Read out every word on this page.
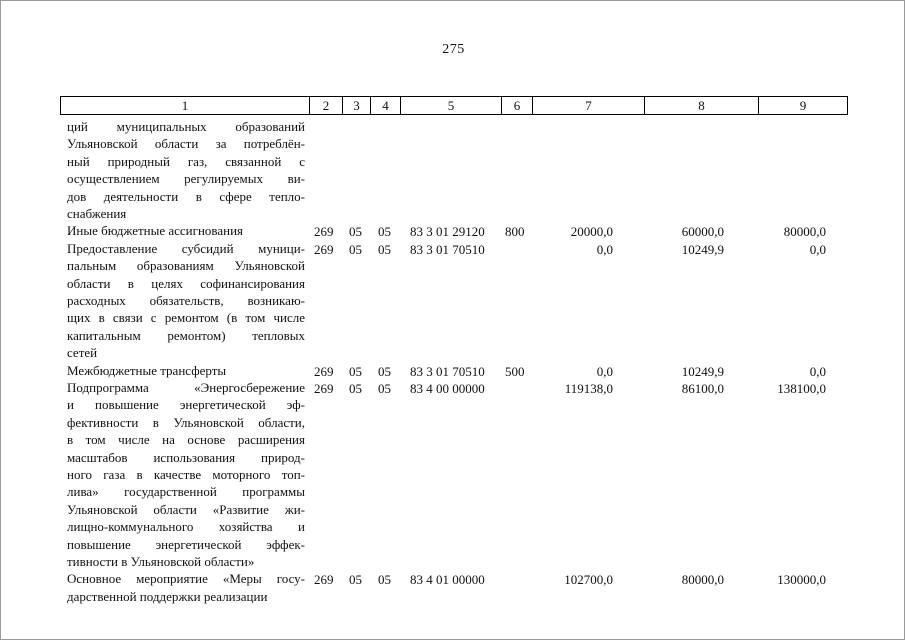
275
1	2	3	4	5	6	7	8	9
ций муниципальных образований
Ульяновской области за потреблён-
ный природный газ, связанной с
осуществлением регулируемых ви-
дов деятельности в сфере тепло-
снабжения
Иные бюджетные ассигнования	269 05 05 83 3 01 29120 800	20000,0	60000,0	80000,0
Предоставление субсидий муници-
пальным образованиям Ульяновской
области в целях софинансирования
расходных обязательств, возникаю-
щих в связи с ремонтом (в том числе
капитальным ремонтом) тепловых
сетей
269 05 05 83 3 01 70510	0,0	10249,9	0,0
Межбюджетные трансферты	269 05 05 83 3 01 70510 500	0,0	10249,9	0,0
Подпрограмма «Энергосбережение
и повышение энергетической эф-
фективности в Ульяновской области,
в том числе на основе расширения
масштабов использования природ-
ного газа в качестве моторного топ-
лива» государственной программы
Ульяновской области «Развитие жи-
лищно-коммунального хозяйства и
повышение энергетической эффек-
тивности в Ульяновской области»
269 05 05 83 4 00 00000	119138,0	86100,0	138100,0
Основное мероприятие «Меры госу-
дарственной поддержки реализации
269 05 05 83 4 01 00000	102700,0	80000,0	130000,0
